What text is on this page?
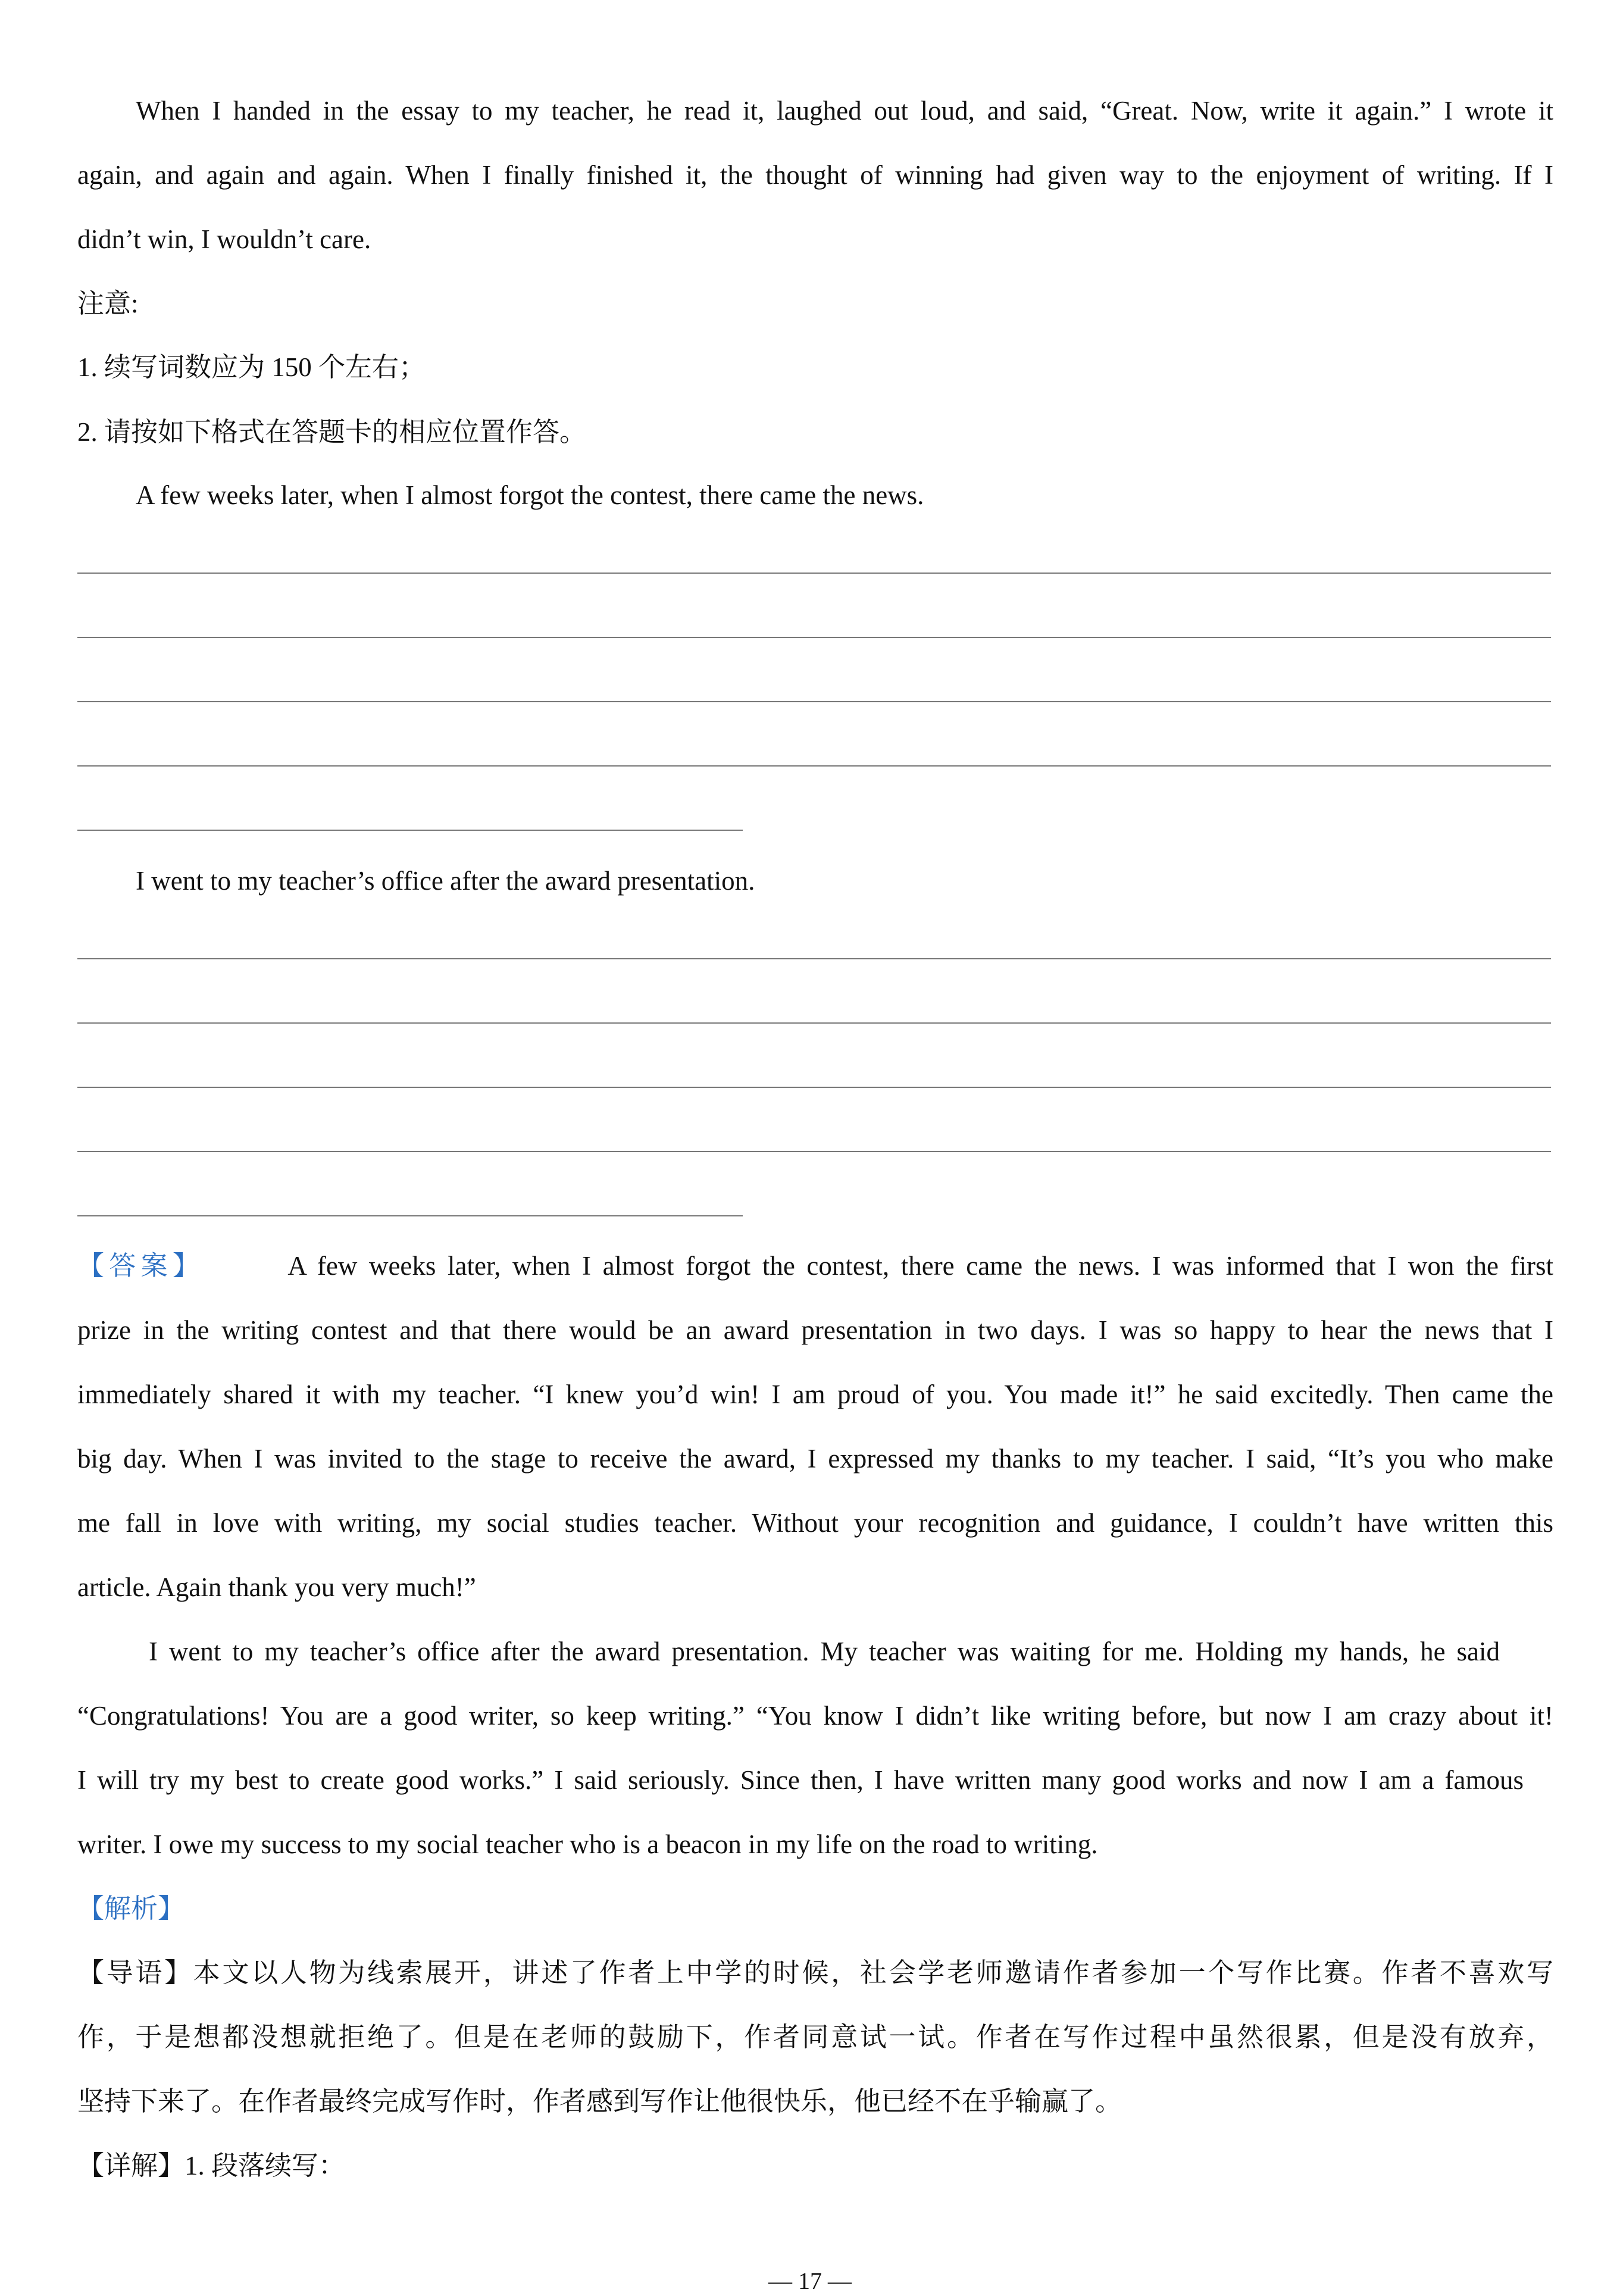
When I handed in the essay to my teacher, he read it, laughed out loud, and said, “Great. Now, write it again.” I wrote it
again, and again and again. When I finally finished it, the thought of winning had given way to the enjoyment of writing. If I
didn’t win, I wouldn’t care.
注意:
1. 续写词数应为 150 个左右；
2. 请按如下格式在答题卡的相应位置作答。
A few weeks later, when I almost forgot the contest, there came the news.
I went to my teacher’s office after the award presentation.
【答案】	A few weeks later, when I almost forgot the contest, there came the news. I was informed that I won the first
prize in the writing contest and that there would be an award presentation in two days. I was so happy to hear the news that I
immediately shared it with my teacher. “I knew you’d win! I am proud of you. You made it!” he said excitedly. Then came the
big day. When I was invited to the stage to receive the award, I expressed my thanks to my teacher. I said, “It’s you who make
me fall in love with writing, my social studies teacher. Without your recognition and guidance, I couldn’t have written this
article. Again thank you very much!”
I went to my teacher’s office after the award presentation. My teacher was waiting for me. Holding my hands, he said
“Congratulations! You are a good writer, so keep writing.” “You know I didn’t like writing before, but now I am crazy about it!
I will try my best to create good works.” I said seriously. Since then, I have written many good works and now I am a famous
writer. I owe my success to my social teacher who is a beacon in my life on the road to writing.
【解析】
【导语】本文以人物为线索展开，讲述了作者上中学的时候，社会学老师邀请作者参加一个写作比赛。作者不喜欢写
作，于是想都没想就拒绝了。但是在老师的鼓励下，作者同意试一试。作者在写作过程中虽然很累，但是没有放弃，
坚持下来了。在作者最终完成写作时，作者感到写作让他很快乐，他已经不在乎输赢了。
【详解】1. 段落续写：
— 17 —
